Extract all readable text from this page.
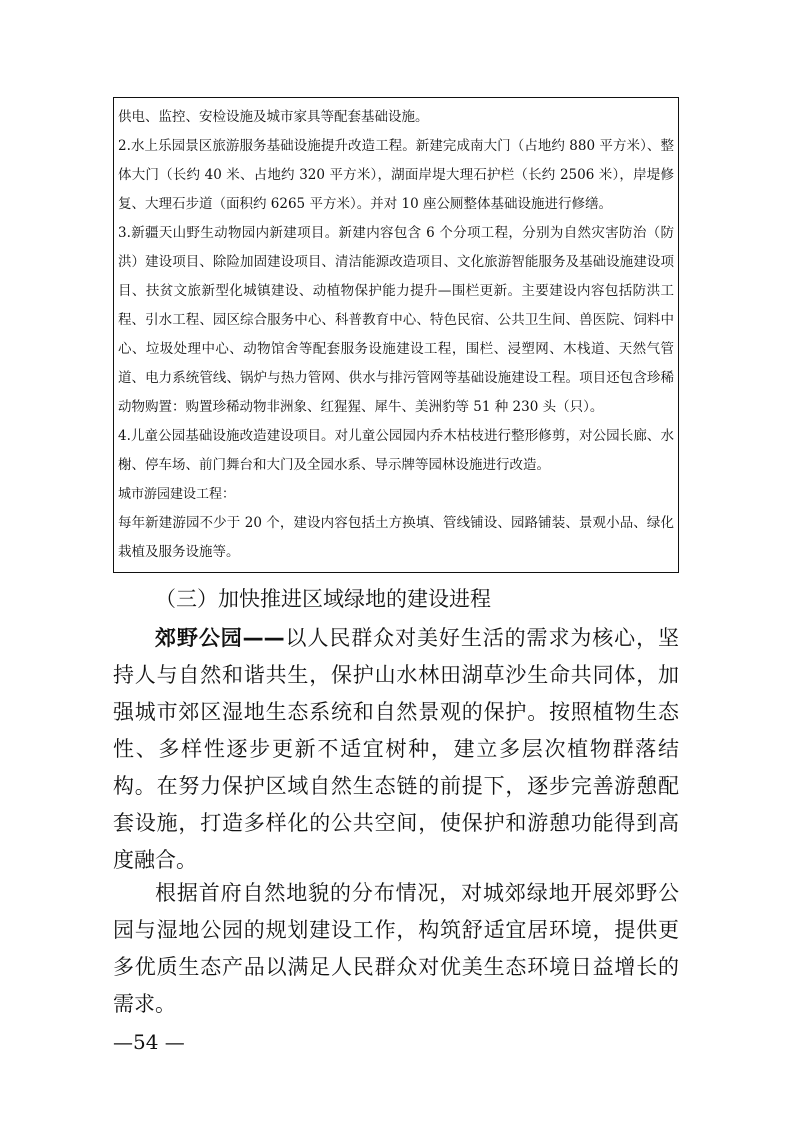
供电、监控、安检设施及城市家具等配套基础设施。

2.水上乐园景区旅游服务基础设施提升改造工程。新建完成南大门（占地约 880 平方米）、整体大门（长约 40 米、占地约 320 平方米），湖面岸堤大理石护栏（长约 2506 米），岸堤修复、大理石步道（面积约 6265 平方米）。并对 10 座公厕整体基础设施进行修缮。

3.新疆天山野生动物园内新建项目。新建内容包含 6 个分项工程，分别为自然灾害防治（防洪）建设项目、除险加固建设项目、清洁能源改造项目、文化旅游智能服务及基础设施建设项目、扶贫文旅新型化城镇建设、动植物保护能力提升—围栏更新。主要建设内容包括防洪工程、引水工程、园区综合服务中心、科普教育中心、特色民宿、公共卫生间、兽医院、饲料中心、垃圾处理中心、动物馆舍等配套服务设施建设工程，围栏、浸塑网、木栈道、天然气管道、电力系统管线、锅炉与热力管网、供水与排污管网等基础设施建设工程。项目还包含珍稀动物购置：购置珍稀动物非洲象、红猩猩、犀牛、美洲豹等 51 种 230 头（只）。

4.儿童公园基础设施改造建设项目。对儿童公园园内乔木枯枝进行整形修剪，对公园长廊、水榭、停车场、前门舞台和大门及全园水系、导示牌等园林设施进行改造。

城市游园建设工程：

每年新建游园不少于 20 个，建设内容包括土方换填、管线铺设、园路铺装、景观小品、绿化栽植及服务设施等。

（三）加快推进区域绿地的建设进程

郊野公园——以人民群众对美好生活的需求为核心，坚持人与自然和谐共生，保护山水林田湖草沙生命共同体，加强城市郊区湿地生态系统和自然景观的保护。按照植物生态性、多样性逐步更新不适宜树种，建立多层次植物群落结构。在努力保护区域自然生态链的前提下，逐步完善游憩配套设施，打造多样化的公共空间，使保护和游憩功能得到高度融合。

根据首府自然地貌的分布情况，对城郊绿地开展郊野公园与湿地公园的规划建设工作，构筑舒适宜居环境，提供更多优质生态产品以满足人民群众对优美生态环境日益增长的需求。

—54 —
